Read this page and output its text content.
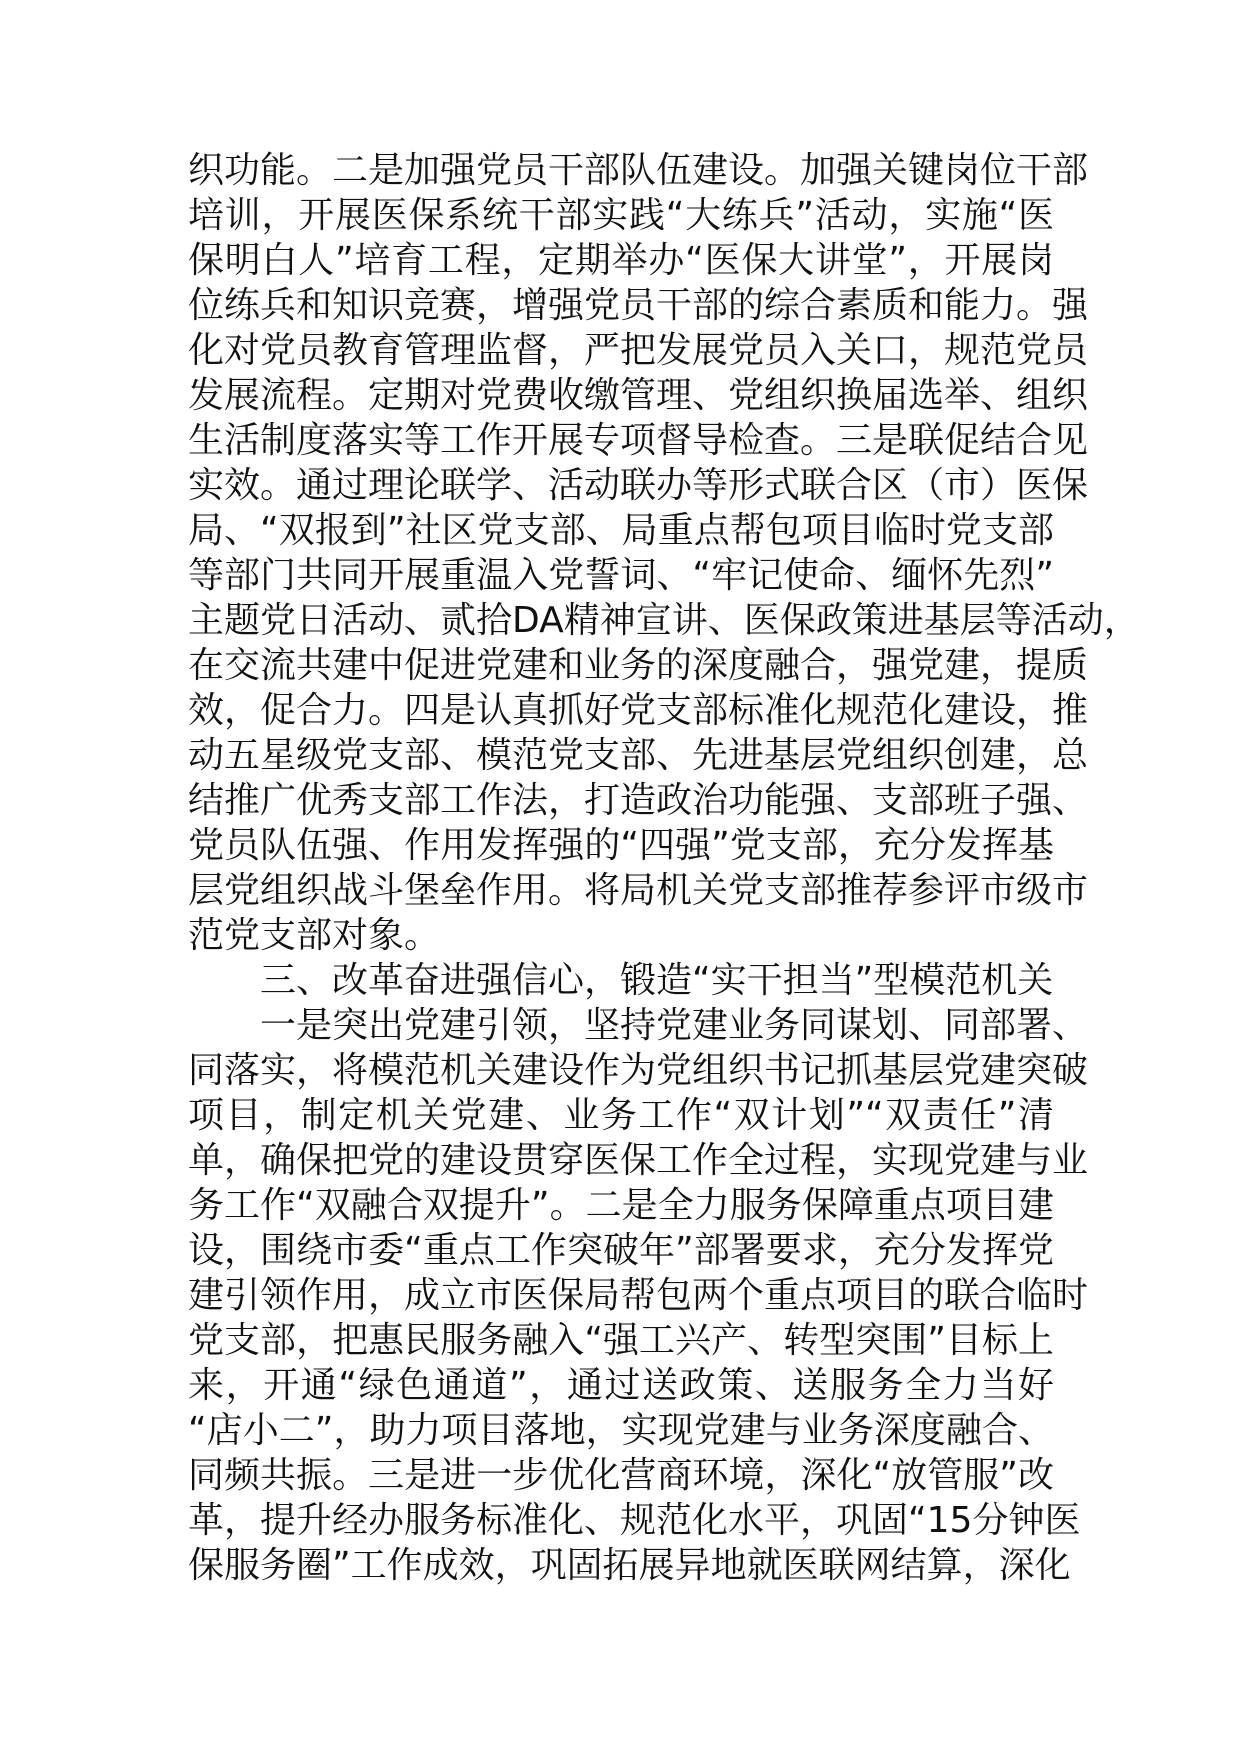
织功能。二是加强党员干部队伍建设。加强关键岗位干部
培训，开展医保系统干部实践“大练兵”活动，实施“医
保明白人”培育工程，定期举办“医保大讲堂”，开展岗
位练兵和知识竞赛，增强党员干部的综合素质和能力。强
化对党员教育管理监督，严把发展党员入关口，规范党员
发展流程。定期对党费收缴管理、党组织换届选举、组织
生活制度落实等工作开展专项督导检查。三是联促结合见
实效。通过理论联学、活动联办等形式联合区（市）医保
局、“双报到”社区党支部、局重点帮包项目临时党支部
等部门共同开展重温入党誓词、“牢记使命、缅怀先烈”
主题党日活动、贰拾DA精神宣讲、医保政策进基层等活动，
在交流共建中促进党建和业务的深度融合，强党建，提质
效，促合力。四是认真抓好党支部标准化规范化建设，推
动五星级党支部、模范党支部、先进基层党组织创建，总
结推广优秀支部工作法，打造政治功能强、支部班子强、
党员队伍强、作用发挥强的“四强”党支部，充分发挥基
层党组织战斗堡垒作用。将局机关党支部推荐参评市级市
范党支部对象。
三、改革奋进强信心，锻造“实干担当”型模范机关
一是突出党建引领，坚持党建业务同谋划、同部署、
同落实，将模范机关建设作为党组织书记抓基层党建突破
项目，制定机关党建、业务工作“双计划”“双责任”清
单，确保把党的建设贯穿医保工作全过程，实现党建与业
务工作“双融合双提升”。二是全力服务保障重点项目建
设，围绕市委“重点工作突破年”部署要求，充分发挥党
建引领作用，成立市医保局帮包两个重点项目的联合临时
党支部，把惠民服务融入“强工兴产、转型突围”目标上
来，开通“绿色通道”，通过送政策、送服务全力当好
“店小二”，助力项目落地，实现党建与业务深度融合、
同频共振。三是进一步优化营商环境，深化“放管服”改
革，提升经办服务标准化、规范化水平，巩固“15分钟医
保服务圈”工作成效，巩固拓展异地就医联网结算，深化
